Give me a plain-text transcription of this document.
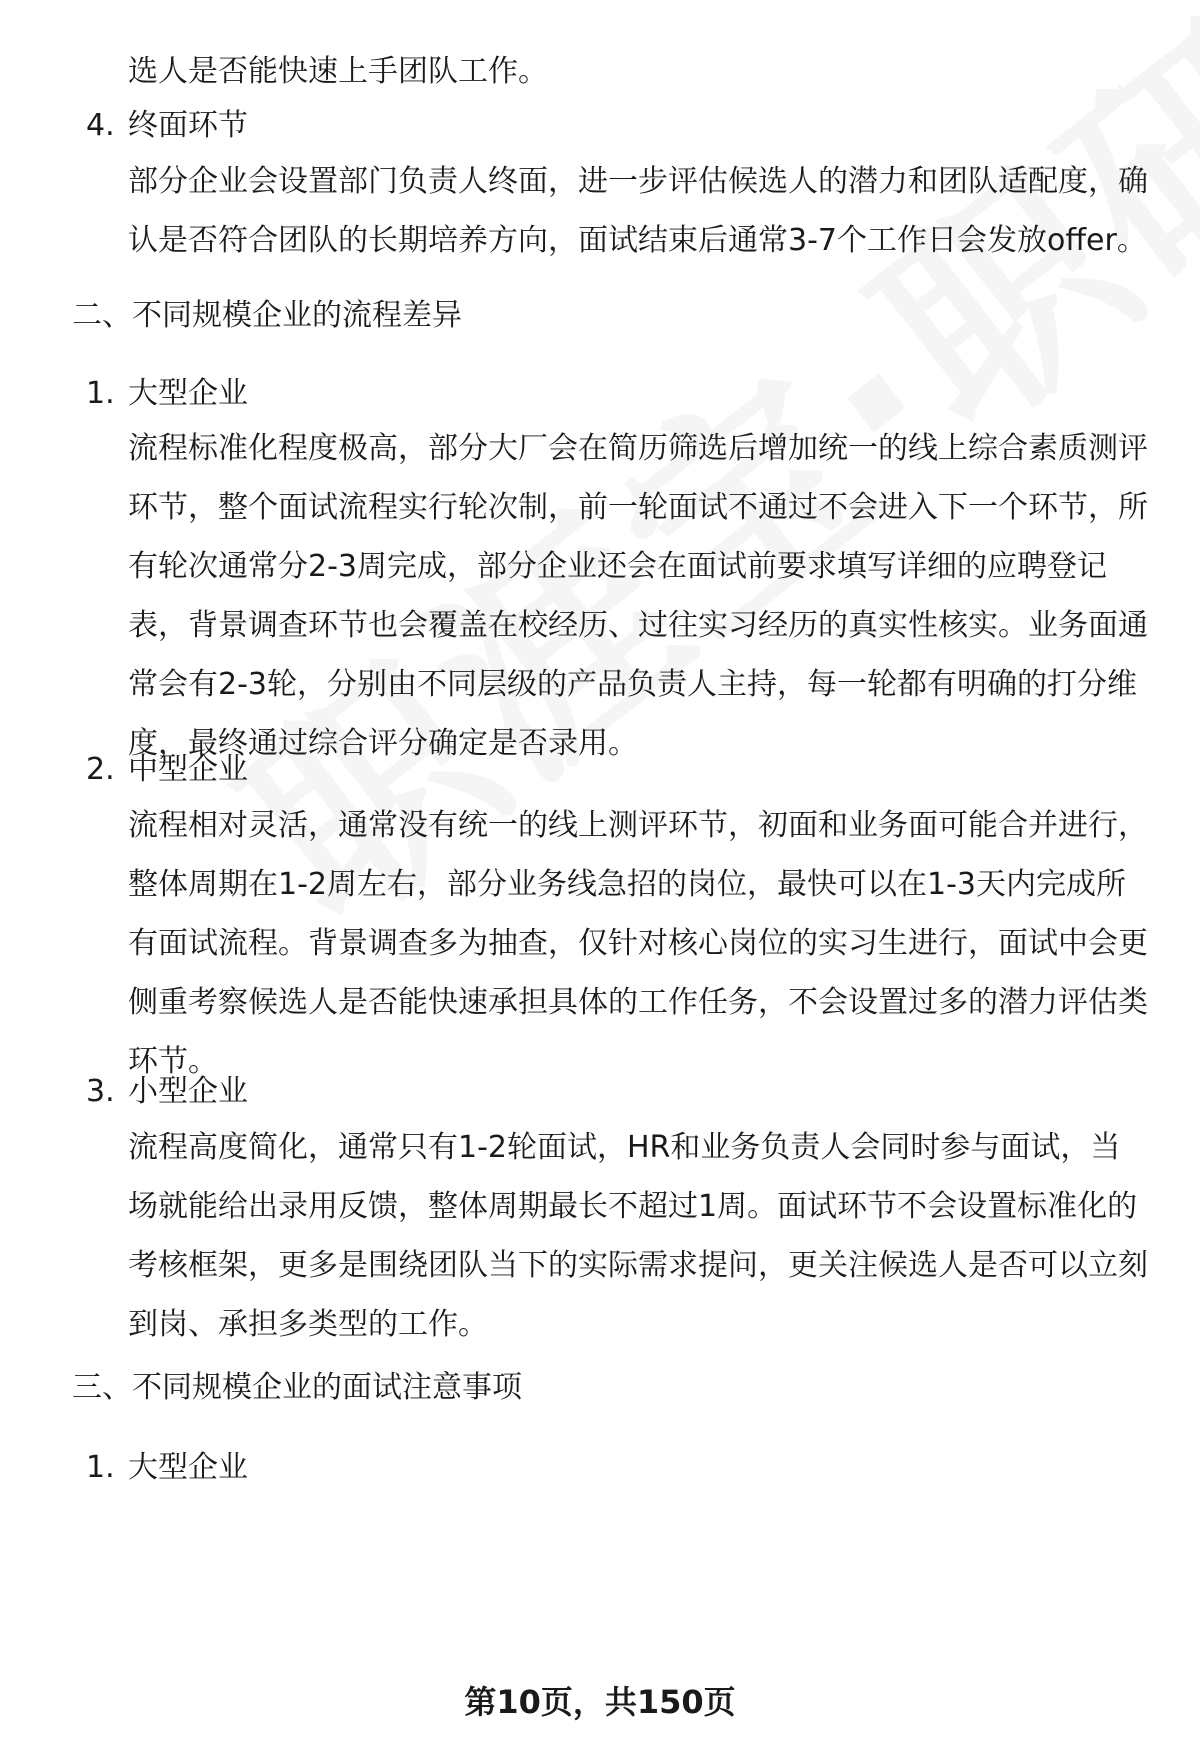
选人是否能快速上手团队工作。
4. 终面环节

部分企业会设置部门负责人终面，进一步评估候选人的潜力和团队适配度，确认是否符合团队的长期培养方向，面试结束后通常3-7个工作日会发放offer。

二、不同规模企业的流程差异
1. 大型企业

流程标准化程度极高，部分大厂会在简历筛选后增加统一的线上综合素质测评环节，整个面试流程实行轮次制，前一轮面试不通过不会进入下一个环节，所有轮次通常分2-3周完成，部分企业还会在面试前要求填写详细的应聘登记表，背景调查环节也会覆盖在校经历、过往实习经历的真实性核实。业务面通常会有2-3轮，分别由不同层级的产品负责人主持，每一轮都有明确的打分维度，最终通过综合评分确定是否录用。

2. 中型企业

流程相对灵活，通常没有统一的线上测评环节，初面和业务面可能合并进行，整体周期在1-2周左右，部分业务线急招的岗位，最快可以在1-3天内完成所有面试流程。背景调查多为抽查，仅针对核心岗位的实习生进行，面试中会更侧重考察候选人是否能快速承担具体的工作任务，不会设置过多的潜力评估类环节。

3. 小型企业

流程高度简化，通常只有1-2轮面试，HR和业务负责人会同时参与面试，当场就能给出录用反馈，整体周期最长不超过1周。面试环节不会设置标准化的考核框架，更多是围绕团队当下的实际需求提问，更关注候选人是否可以立刻到岗、承担多类型的工作。

三、不同规模企业的面试注意事项
1. 大型企业
第10页，共150页
